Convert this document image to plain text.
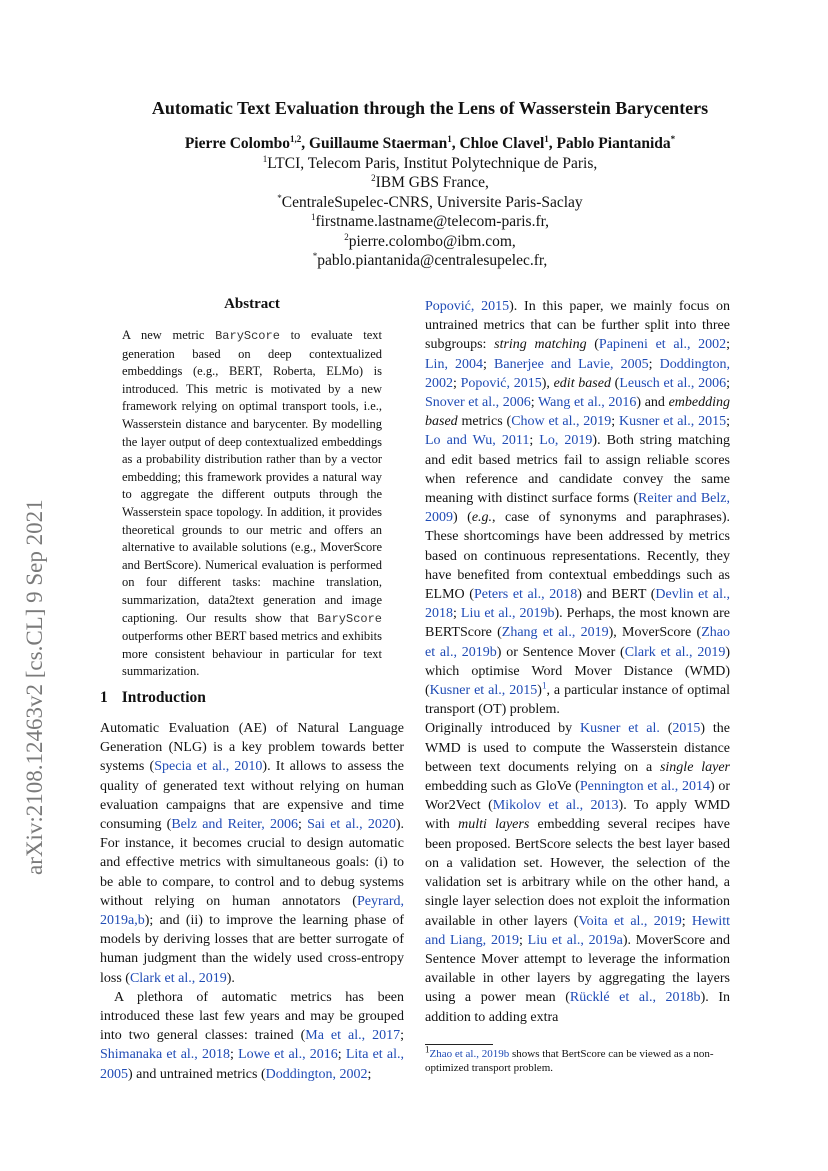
arXiv:2108.12463v2 [cs.CL] 9 Sep 2021
Automatic Text Evaluation through the Lens of Wasserstein Barycenters
Pierre Colombo$^{1,2}$, Guillaume Staerman$^1$, Chloe Clavel$^1$, Pablo Piantanida*
$^1$LTCI, Telecom Paris, Institut Polytechnique de Paris,
$^2$IBM GBS France,
*CentraleSupelec-CNRS, Universite Paris-Saclay
$^1$firstname.lastname@telecom-paris.fr,
$^2$pierre.colombo@ibm.com,
*pablo.piantanida@centralesupelec.fr,
Abstract
A new metric BaryScore to evaluate text generation based on deep contextualized embeddings (e.g., BERT, Roberta, ELMo) is introduced. This metric is motivated by a new framework relying on optimal transport tools, i.e., Wasserstein distance and barycenter. By modelling the layer output of deep contextualized embeddings as a probability distribution rather than by a vector embedding; this framework provides a natural way to aggregate the different outputs through the Wasserstein space topology. In addition, it provides theoretical grounds to our metric and offers an alternative to available solutions (e.g., MoverScore and BertScore). Numerical evaluation is performed on four different tasks: machine translation, summarization, data2text generation and image captioning. Our results show that BaryScore outperforms other BERT based metrics and exhibits more consistent behaviour in particular for text summarization.
1 Introduction

Automatic Evaluation (AE) of Natural Language Generation (NLG) is a key problem towards better systems (Specia et al., 2010). It allows to assess the quality of generated text without relying on human evaluation campaigns that are expensive and time consuming (Belz and Reiter, 2006; Sai et al., 2020). For instance, it becomes crucial to design automatic and effective metrics with simultaneous goals: (i) to be able to compare, to control and to debug systems without relying on human annotators (Peyrard, 2019a,b); and (ii) to improve the learning phase of models by deriving losses that are better surrogate of human judgment than the widely used cross-entropy loss (Clark et al., 2019).

A plethora of automatic metrics has been introduced these last few years and may be grouped into two general classes: trained (Ma et al., 2017; Shimanaka et al., 2018; Lowe et al., 2016; Lita et al., 2005) and untrained metrics (Doddington, 2002;

Popović, 2015). In this paper, we mainly focus on untrained metrics that can be further split into three subgroups: string matching (Papineni et al., 2002; Lin, 2004; Banerjee and Lavie, 2005; Doddington, 2002; Popović, 2015), edit based (Leusch et al., 2006; Snover et al., 2006; Wang et al., 2016) and embedding based metrics (Chow et al., 2019; Kusner et al., 2015; Lo and Wu, 2011; Lo, 2019). Both string matching and edit based metrics fail to assign reliable scores when reference and candidate convey the same meaning with distinct surface forms (Reiter and Belz, 2009) (e.g., case of synonyms and paraphrases). These shortcomings have been addressed by metrics based on continuous representations. Recently, they have benefited from contextual embeddings such as ELMO (Peters et al., 2018) and BERT (Devlin et al., 2018; Liu et al., 2019b). Perhaps, the most known are BERTScore (Zhang et al., 2019), MoverScore (Zhao et al., 2019b) or Sentence Mover (Clark et al., 2019) which optimise Word Mover Distance (WMD) (Kusner et al., 2015)$^1$, a particular instance of optimal transport (OT) problem.

Originally introduced by Kusner et al. (2015) the WMD is used to compute the Wasserstein distance between text documents relying on a single layer embedding such as GloVe (Pennington et al., 2014) or Wor2Vect (Mikolov et al., 2013). To apply WMD with multi layers embedding several recipes have been proposed. BertScore selects the best layer based on a validation set. However, the selection of the validation set is arbitrary while on the other hand, a single layer selection does not exploit the information available in other layers (Voita et al., 2019; Hewitt and Liang, 2019; Liu et al., 2019a). MoverScore and Sentence Mover attempt to leverage the information available in other layers by aggregating the layers using a power mean (Rücklé et al., 2018b). In addition to adding extra

$^1$Zhao et al., 2019b shows that BertScore can be viewed as a non-optimized transport problem.
